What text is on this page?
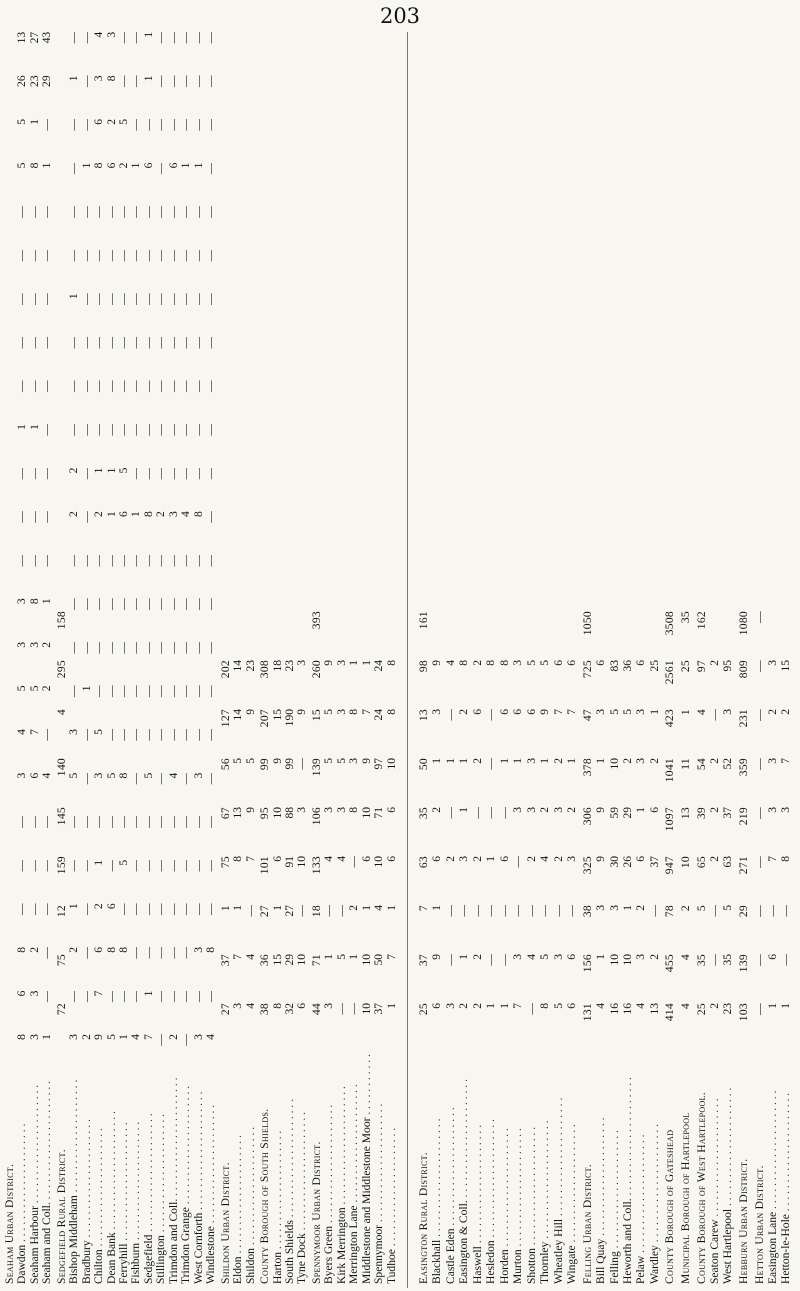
203
Seaham Urban District. Dawdon . . .
8
6
8
—
—
—
3
4
5
3
3
—
—
—
1
—
—
—
—
—
5
5
26
13
Seaham Harbour . . .
3
3
2
—
—
—
6
7
5
3
8
—
—
—
1
—
—
—
—
—
8
1
23
27
Seaham and Coll. . . .
1
—
—
—
—
—
4
—
2
2
1
—
—
—
—
—
—
—
—
—
1
—
29
43
Sedgefield Rural District.
72
75
12
159
145
140
4
295
158
Bishop Middleham . . .
3
—
2
1
—
—
5
3
—
—
—
—
2
2
—
—
—
1
—
—
—
—
1
—
Bradbury . . .
2
—
—
—
—
—
—
—
1
—
—
—
—
—
—
—
—
—
—
—
1
—
—
—
Chilton . . .
9
7
6
2
1
—
3
5
—
—
—
—
2
1
—
—
—
—
—
—
8
6
3
4
Dean Bank . . .
5
—
8
6
—
—
5
—
—
—
—
—
1
1
—
—
—
—
—
—
6
2
8
3
Ferryhill . . .
1
—
8
—
5
—
8
—
—
—
—
—
6
5
—
—
—
—
—
—
2
5
—
—
Fishburn . . .
4
—
—
—
—
—
—
—
—
—
—
—
1
—
—
—
—
—
—
—
1
—
—
—
Sedgefield . . .
7
1
—
—
—
—
5
—
—
—
—
—
8
—
—
—
—
—
—
—
6
—
1
1
Stillington . . .
—
—
—
—
—
—
—
—
—
—
—
—
2
—
—
—
—
—
—
—
—
—
—
—
Trimdon and Coll. . . .
2
—
—
—
—
—
4
—
—
—
—
—
3
—
—
—
—
—
—
—
6
—
—
—
Trimdon Grange . . .
—
—
—
—
—
—
—
—
—
—
—
—
4
—
—
—
—
—
—
—
1
—
—
—
West Cornforth . . .
3
—
3
—
—
—
3
—
—
—
—
—
8
—
—
—
—
—
—
—
1
—
—
—
Windlestone . . .
4
—
8
—
—
—
—
—
—
—
—
—
—
—
—
—
—
—
—
—
—
—
—
—
Shildon Urban District.
27
37
1
75
67
56
127
202
Eldon . . .
3
7
1
8
13
5
14
14
Shildon . . .
4
4
—
7
9
5
9
23
County Borough of South Shields.
38
36
27
101
95
99
207
308
Harton . . .
8
15
1
6
10
9
15
18
South Shields . . .
32
29
27
91
88
99
190
23
Tyne Dock . . .
6
10
—
10
3
—
9
3
Spennymoor Urban District.
44
71
18
133
106
139
15
260
393
Byers Green . . .
3
1
—
4
3
5
5
9
Kirk Merrington . . .
—
5
—
4
3
5
3
3
Merrington Lane . . .
—
1
2
—
8
3
8
1
Middlestone and Middlestone Moor . . .
10
10
1
6
10
9
7
1
Spennymoor . . .
37
50
4
10
71
97
24
24
Tudhoe . . .
1
7
1
6
6
10
8
8
Easington Rural District.
25
37
7
63
35
50
13
98
161
Blackhall . . .
6
9
1
6
2
1
3
9
Castle Eden . . .
3
—
—
2
—
1
—
4
Easington & Coll. . . .
2
1
—
3
1
1
2
8
Haswell . . .
2
2
—
2
—
2
6
2
Hesledon . . .
1
—
—
1
—
—
—
8
Horden . . .
1
—
—
6
—
1
6
8
Murton . . .
7
3
—
—
3
1
6
3
Shotton . . .
—
4
—
2
3
3
6
5
Thornley . . .
8
5
—
4
2
1
9
5
Wheatley Hill . . .
5
3
—
2
3
2
7
6
Wingate . . .
6
6
—
3
2
1
7
6
Felling Urban District.
131
156
38
325
306
378
47
725
1050
Bill Quay . . .
4
1
3
9
9
1
3
6
Felling . . .
16
10
3
30
59
10
5
83
Heworth and Coll. . . .
16
10
1
26
29
2
5
36
Pelaw . . .
4
3
2
6
1
3
3
6
Wardley . . .
13
2
—
37
6
2
1
25
County Borough of Gateshead
414
455
78
947
1097
1041
423
2561
3508
Municipal Borough of Hartlepool
4
4
2
10
13
11
1
25
35
County Borough of West Hartlepool.
25
35
5
65
39
54
4
97
162
Seaton Carew . . .
2
—
—
2
2
2
—
2
West Hartlepool . . .
23
35
5
63
37
52
3
95
Hebburn Urban District.
103
139
29
271
219
359
231
809
1080
Hetton Urban District.
—
—
—
—
—
—
—
—
—
Easington Lane . . .
1
6
—
7
3
3
2
3
Hetton-le-Hole . . .
1
—
—
8
3
7
2
15
